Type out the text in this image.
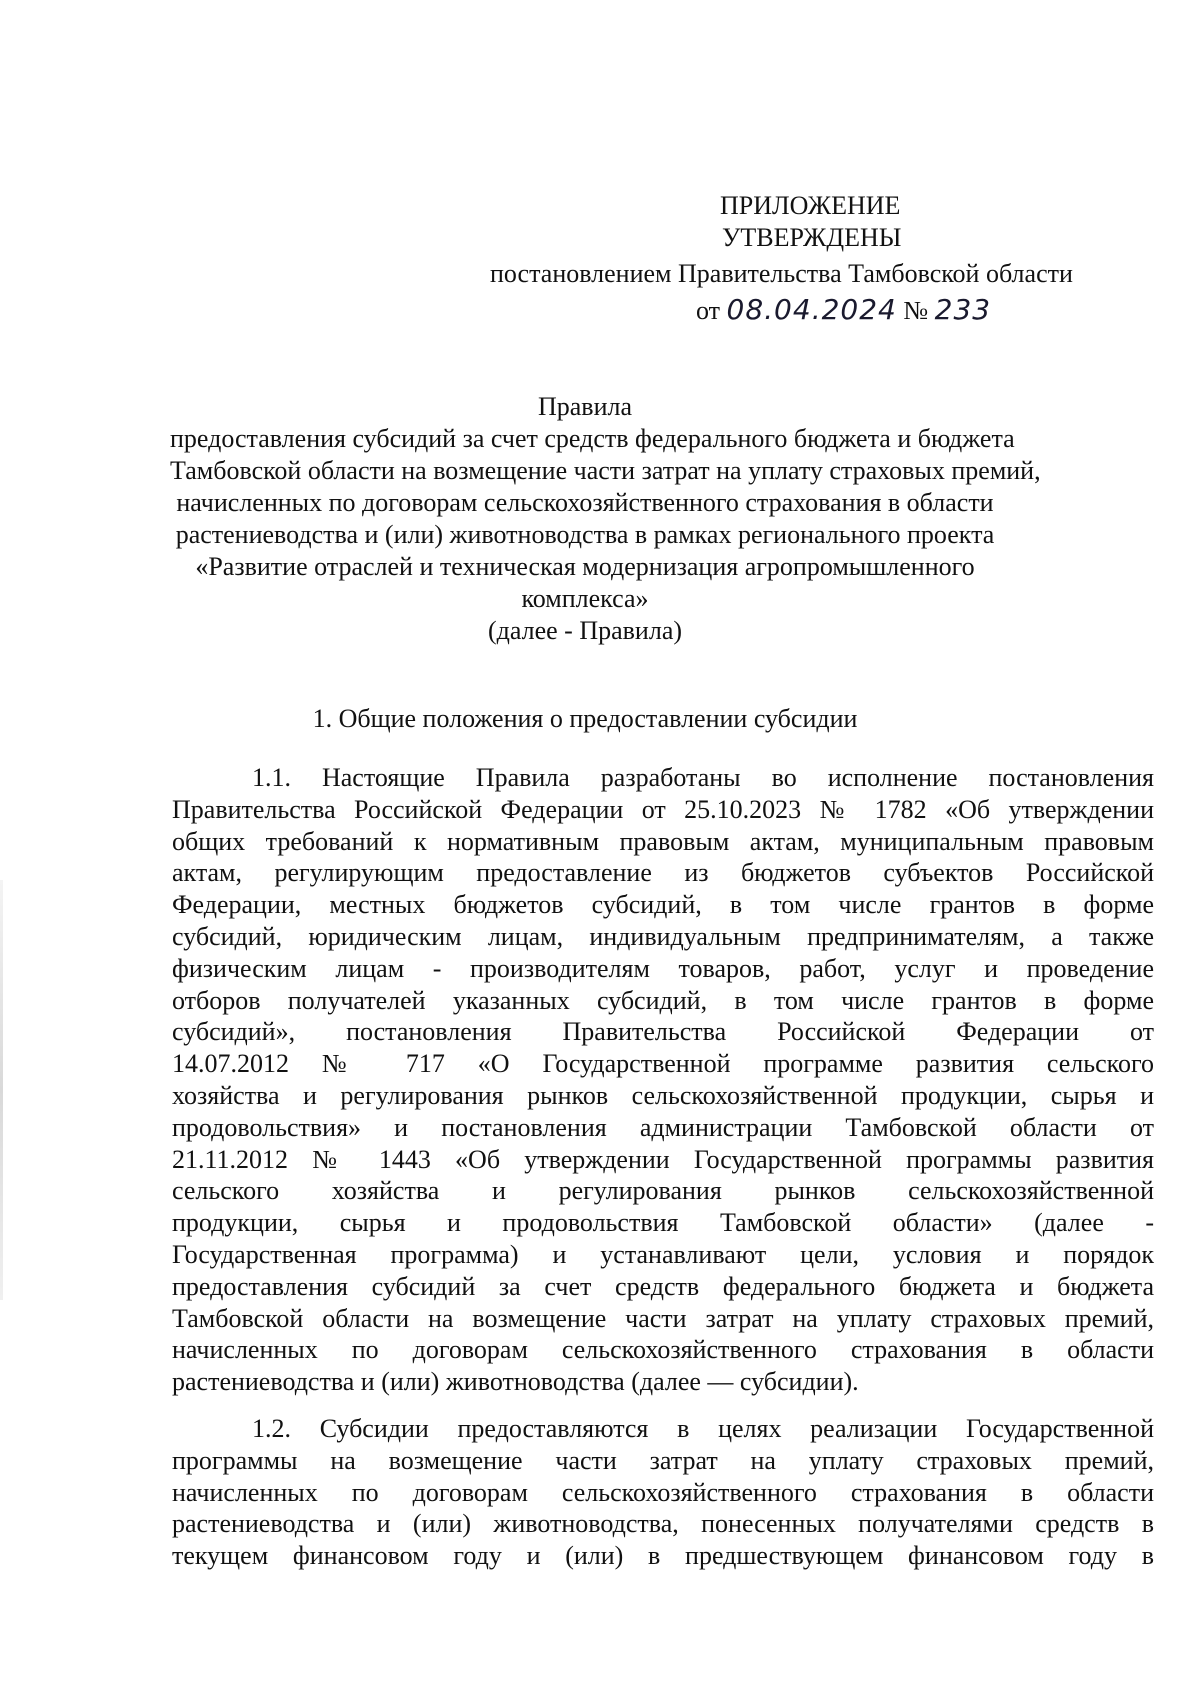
ПРИЛОЖЕНИЕ
УТВЕРЖДЕНЫ
постановлением Правительства Тамбовской области
от 08.04.2024 № 233
Правила
предоставления субсидий за счет средств федерального бюджета и бюджета
Тамбовской области на возмещение части затрат на уплату страховых премий,
начисленных по договорам сельскохозяйственного страхования в области
растениеводства и (или) животноводства в рамках регионального проекта
«Развитие отраслей и техническая модернизация агропромышленного
комплекса»
(далее - Правила)
1. Общие положения о предоставлении субсидии
1.1. Настоящие Правила разработаны во исполнение постановления
Правительства Российской Федерации от 25.10.2023 № 1782 «Об утверждении
общих требований к нормативным правовым актам, муниципальным правовым
актам, регулирующим предоставление из бюджетов субъектов Российской
Федерации, местных бюджетов субсидий, в том числе грантов в форме
субсидий, юридическим лицам, индивидуальным предпринимателям, а также
физическим лицам - производителям товаров, работ, услуг и проведение
отборов получателей указанных субсидий, в том числе грантов в форме
субсидий», постановления Правительства Российской Федерации от
14.07.2012 № 717 «О Государственной программе развития сельского
хозяйства и регулирования рынков сельскохозяйственной продукции, сырья и
продовольствия» и постановления администрации Тамбовской области от
21.11.2012 № 1443 «Об утверждении Государственной программы развития
сельского хозяйства и регулирования рынков сельскохозяйственной
продукции, сырья и продовольствия Тамбовской области» (далее -
Государственная программа) и устанавливают цели, условия и порядок
предоставления субсидий за счет средств федерального бюджета и бюджета
Тамбовской области на возмещение части затрат на уплату страховых премий,
начисленных по договорам сельскохозяйственного страхования в области
растениеводства и (или) животноводства (далее — субсидии).
1.2. Субсидии предоставляются в целях реализации Государственной
программы на возмещение части затрат на уплату страховых премий,
начисленных по договорам сельскохозяйственного страхования в области
растениеводства и (или) животноводства, понесенных получателями средств в
текущем финансовом году и (или) в предшествующем финансовом году в
